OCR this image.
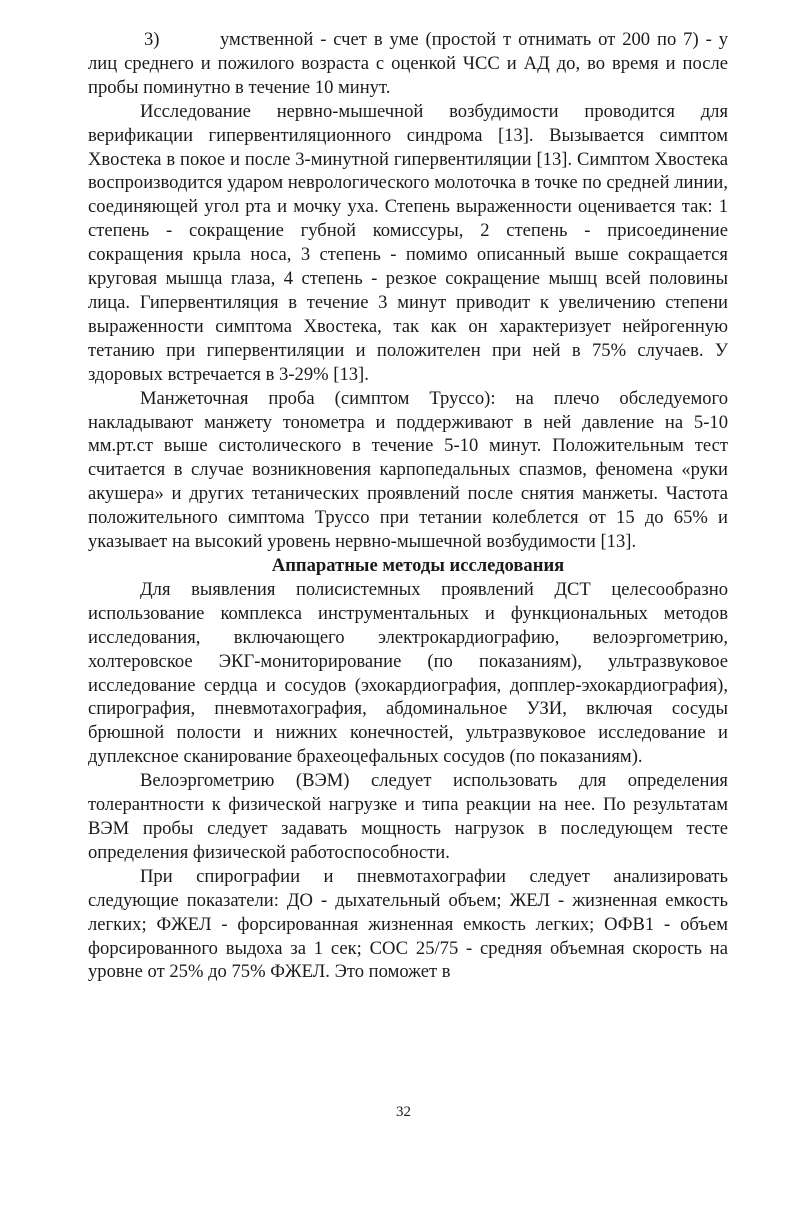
3)	умственной - счет в уме (простой т отнимать от 200 по 7) - у лиц среднего и пожилого возраста с оценкой ЧСС и АД до, во время и после пробы поминутно в течение 10 минут.

Исследование нервно-мышечной возбудимости проводится для верификации гипервентиляционного синдрома [13]. Вызывается симптом Хвостека в покое и после 3-минутной гипервентиляции [13]. Симптом Хвостека воспроизводится ударом неврологического молоточка в точке по средней линии, соединяющей угол рта и мочку уха. Степень выраженности оценивается так: 1 степень - сокращение губной комиссуры, 2 степень - присоединение сокращения крыла носа, 3 степень - помимо описанный выше сокращается круговая мышца глаза, 4 степень - резкое сокращение мышц всей половины лица. Гипервентиляция в течение 3 минут приводит к увеличению степени выраженности симптома Хвостека, так как он характеризует нейрогенную тетанию при гипервентиляции и положителен при ней в 75% случаев. У здоровых встречается в 3-29% [13].

Манжеточная проба (симптом Труссо): на плечо обследуемого накладывают манжету тонометра и поддерживают в ней давление на 5-10 мм.рт.ст выше систолического в течение 5-10 минут. Положительным тест считается в случае возникновения карпопедальных спазмов, феномена «руки акушера» и других тетанических проявлений после снятия манжеты. Частота положительного симптома Труссо при тетании колеблется от 15 до 65% и указывает на высокий уровень нервно-мышечной возбудимости [13].

Аппаратные методы исследования

Для выявления полисистемных проявлений ДСТ целесообразно использование комплекса инструментальных и функциональных методов исследования, включающего электрокардиографию, велоэргометрию, холтеровское ЭКГ-мониторирование (по показаниям), ультразвуковое исследование сердца и сосудов (эхокардиография, допплер-эхокардиография), спирография, пневмотахография, абдоминальное УЗИ, включая сосуды брюшной полости и нижних конечностей, ультразвуковое исследование и дуплексное сканирование брахеоцефальных сосудов (по показаниям).

Велоэргометрию (ВЭМ) следует использовать для определения толерантности к физической нагрузке и типа реакции на нее. По результатам ВЭМ пробы следует задавать мощность нагрузок в последующем тесте определения физической работоспособности.

При спирографии и пневмотахографии следует анализировать следующие показатели: ДО - дыхательный объем; ЖЕЛ - жизненная емкость легких; ФЖЕЛ - форсированная жизненная емкость легких; ОФВ1 - объем форсированного выдоха за 1 сек; СОС 25/75 - средняя объемная скорость на уровне от 25% до 75% ФЖЕЛ. Это поможет в

32
